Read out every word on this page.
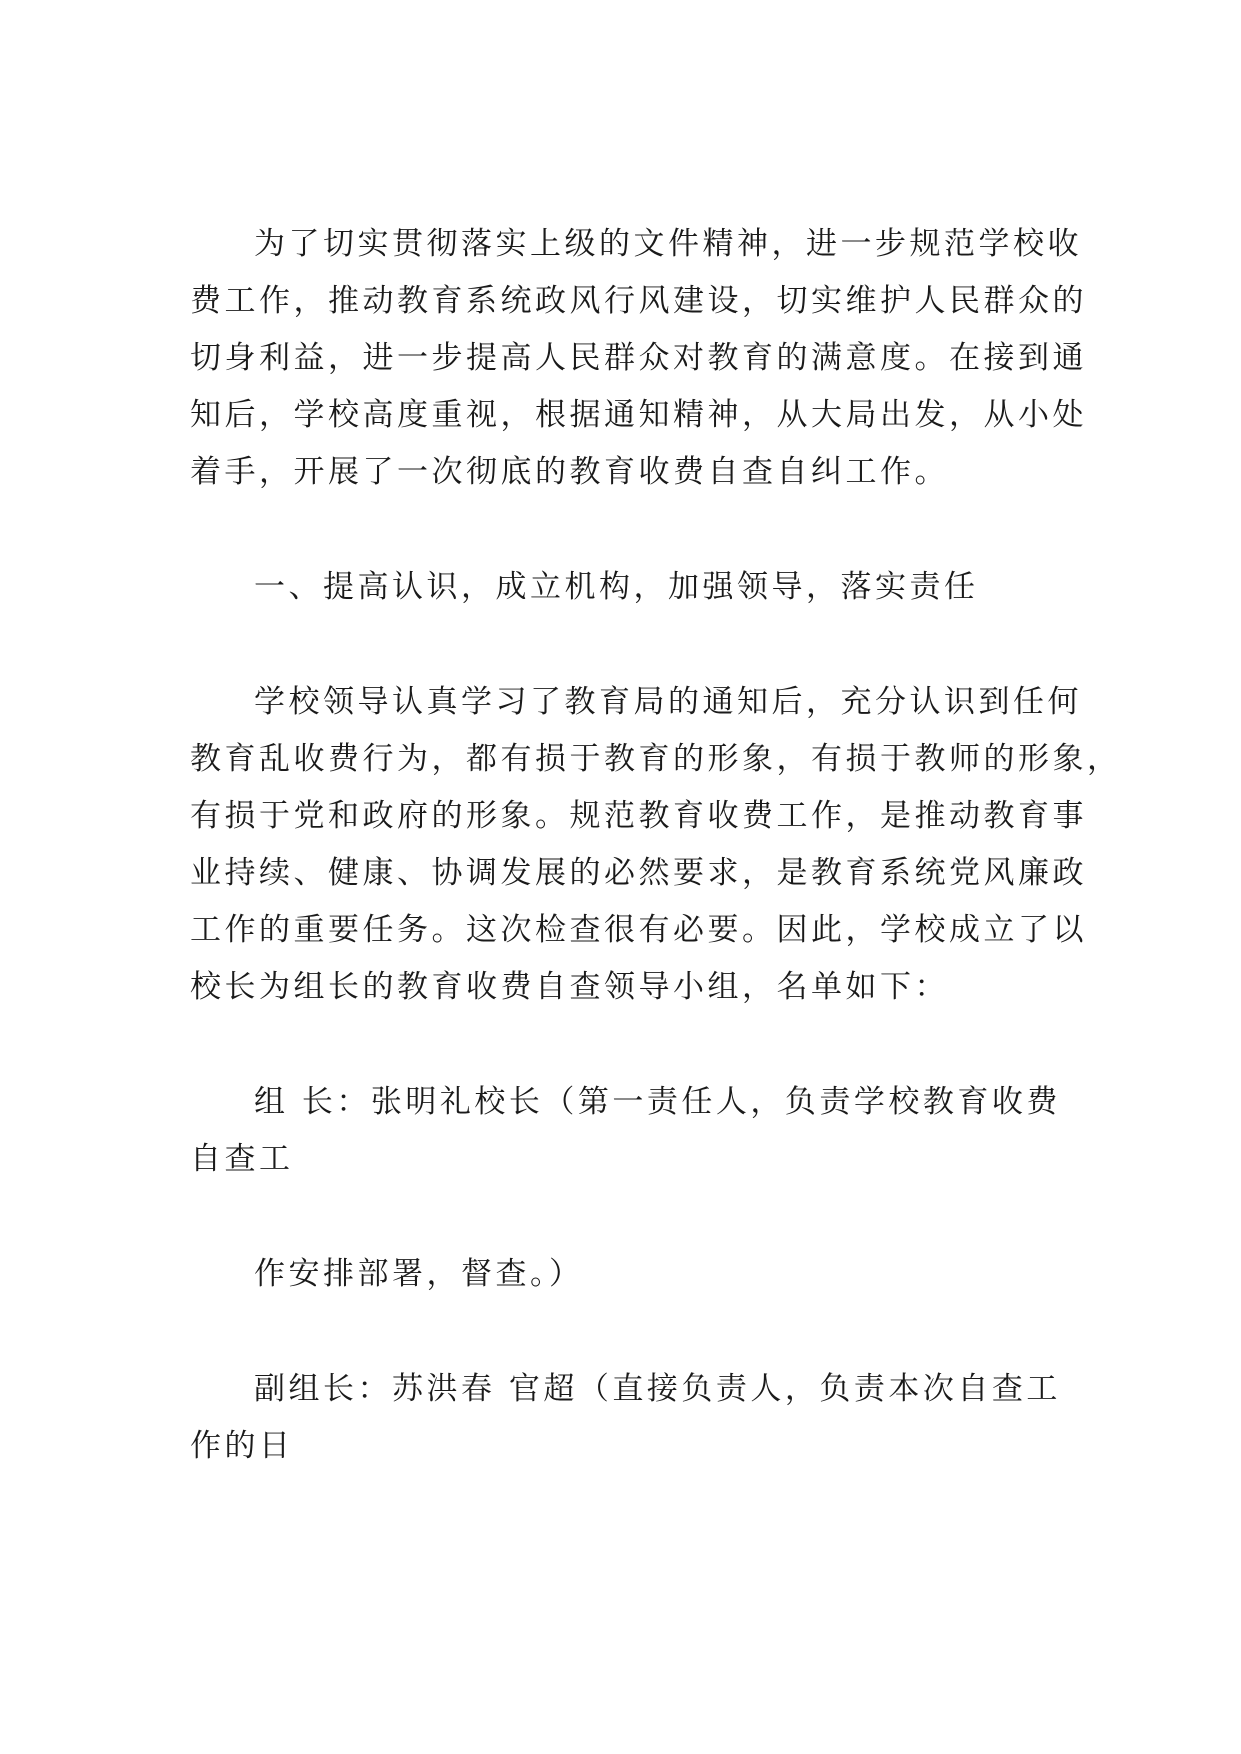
为了切实贯彻落实上级的文件精神，进一步规范学校收

费工作，推动教育系统政风行风建设，切实维护人民群众的

切身利益，进一步提高人民群众对教育的满意度。在接到通

知后，学校高度重视，根据通知精神，从大局出发，从小处

着手，开展了一次彻底的教育收费自查自纠工作。

一、提高认识，成立机构，加强领导，落实责任

学校领导认真学习了教育局的通知后，充分认识到任何

教育乱收费行为，都有损于教育的形象，有损于教师的形象，

有损于党和政府的形象。规范教育收费工作，是推动教育事

业持续、健康、协调发展的必然要求，是教育系统党风廉政

工作的重要任务。这次检查很有必要。因此，学校成立了以

校长为组长的教育收费自查领导小组，名单如下：

组 长：张明礼校长（第一责任人，负责学校教育收费

自查工

作安排部署，督查。）

副组长：苏洪春 官超（直接负责人，负责本次自查工

作的日
